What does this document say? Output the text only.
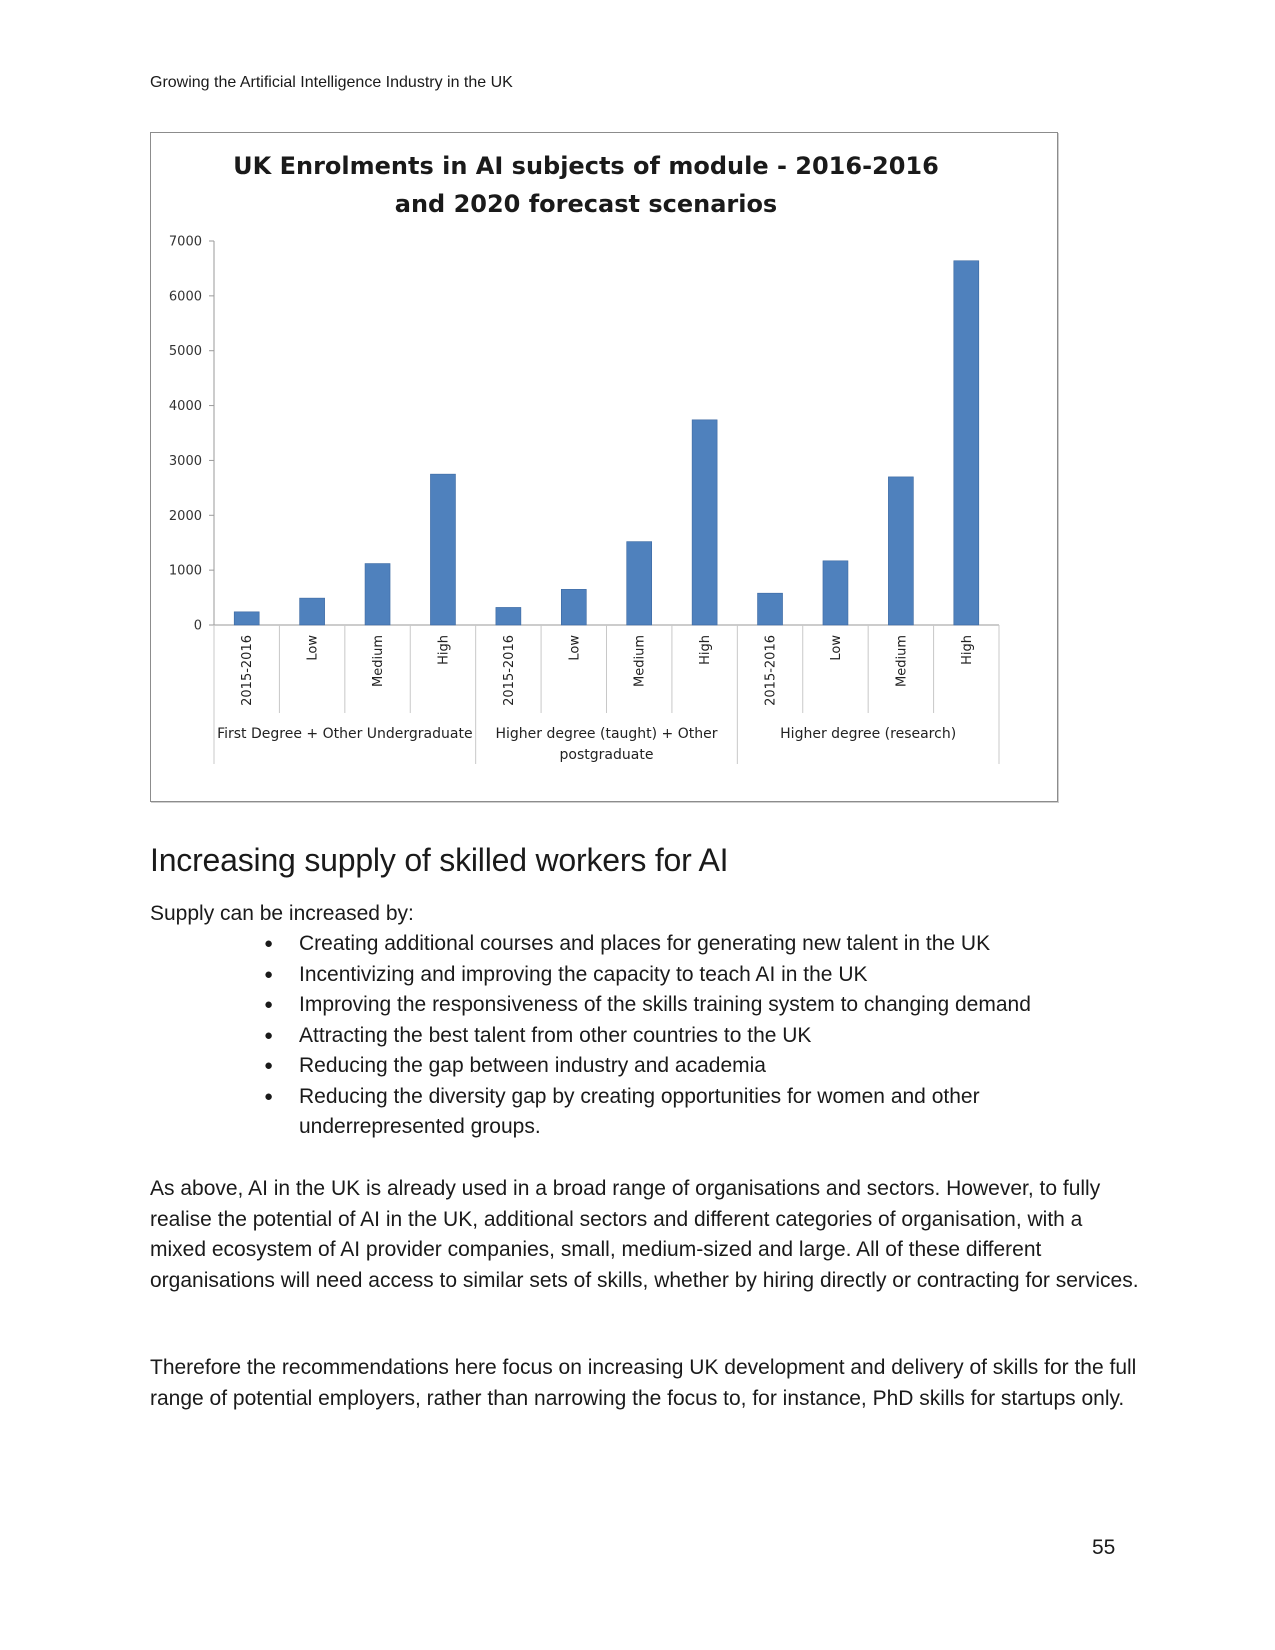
Growing the Artificial Intelligence Industry in the UK
UK Enrolments in AI subjects of module - 2016-2016
and 2020 forecast scenarios
0
1000
2000
3000
4000
5000
6000
7000
First Degree + Other Undergraduate Higher degree (taught) + Other
postgraduate
Higher degree (research)
2015-2016	Low	Medium	High	2015-2016	Low	Medium	High	2015-2016	Low	Medium	High
Increasing supply of skilled workers for AI

Supply can be increased by:

● Creating additional courses and places for generating new talent in the UK
● Incentivizing and improving the capacity to teach AI in the UK
● Improving the responsiveness of the skills training system to changing demand
● Attracting the best talent from other countries to the UK
● Reducing the gap between industry and academia
● Reducing the diversity gap by creating opportunities for women and other underrepresented groups.

As above, AI in the UK is already used in a broad range of organisations and sectors. However, to fully realise the potential of AI in the UK, additional sectors and different categories of organisation, with a mixed ecosystem of AI provider companies, small, medium-sized and large. All of these different organisations will need access to similar sets of skills, whether by hiring directly or contracting for services.

Therefore the recommendations here focus on increasing UK development and delivery of skills for the full range of potential employers, rather than narrowing the focus to, for instance, PhD skills for startups only.

55
